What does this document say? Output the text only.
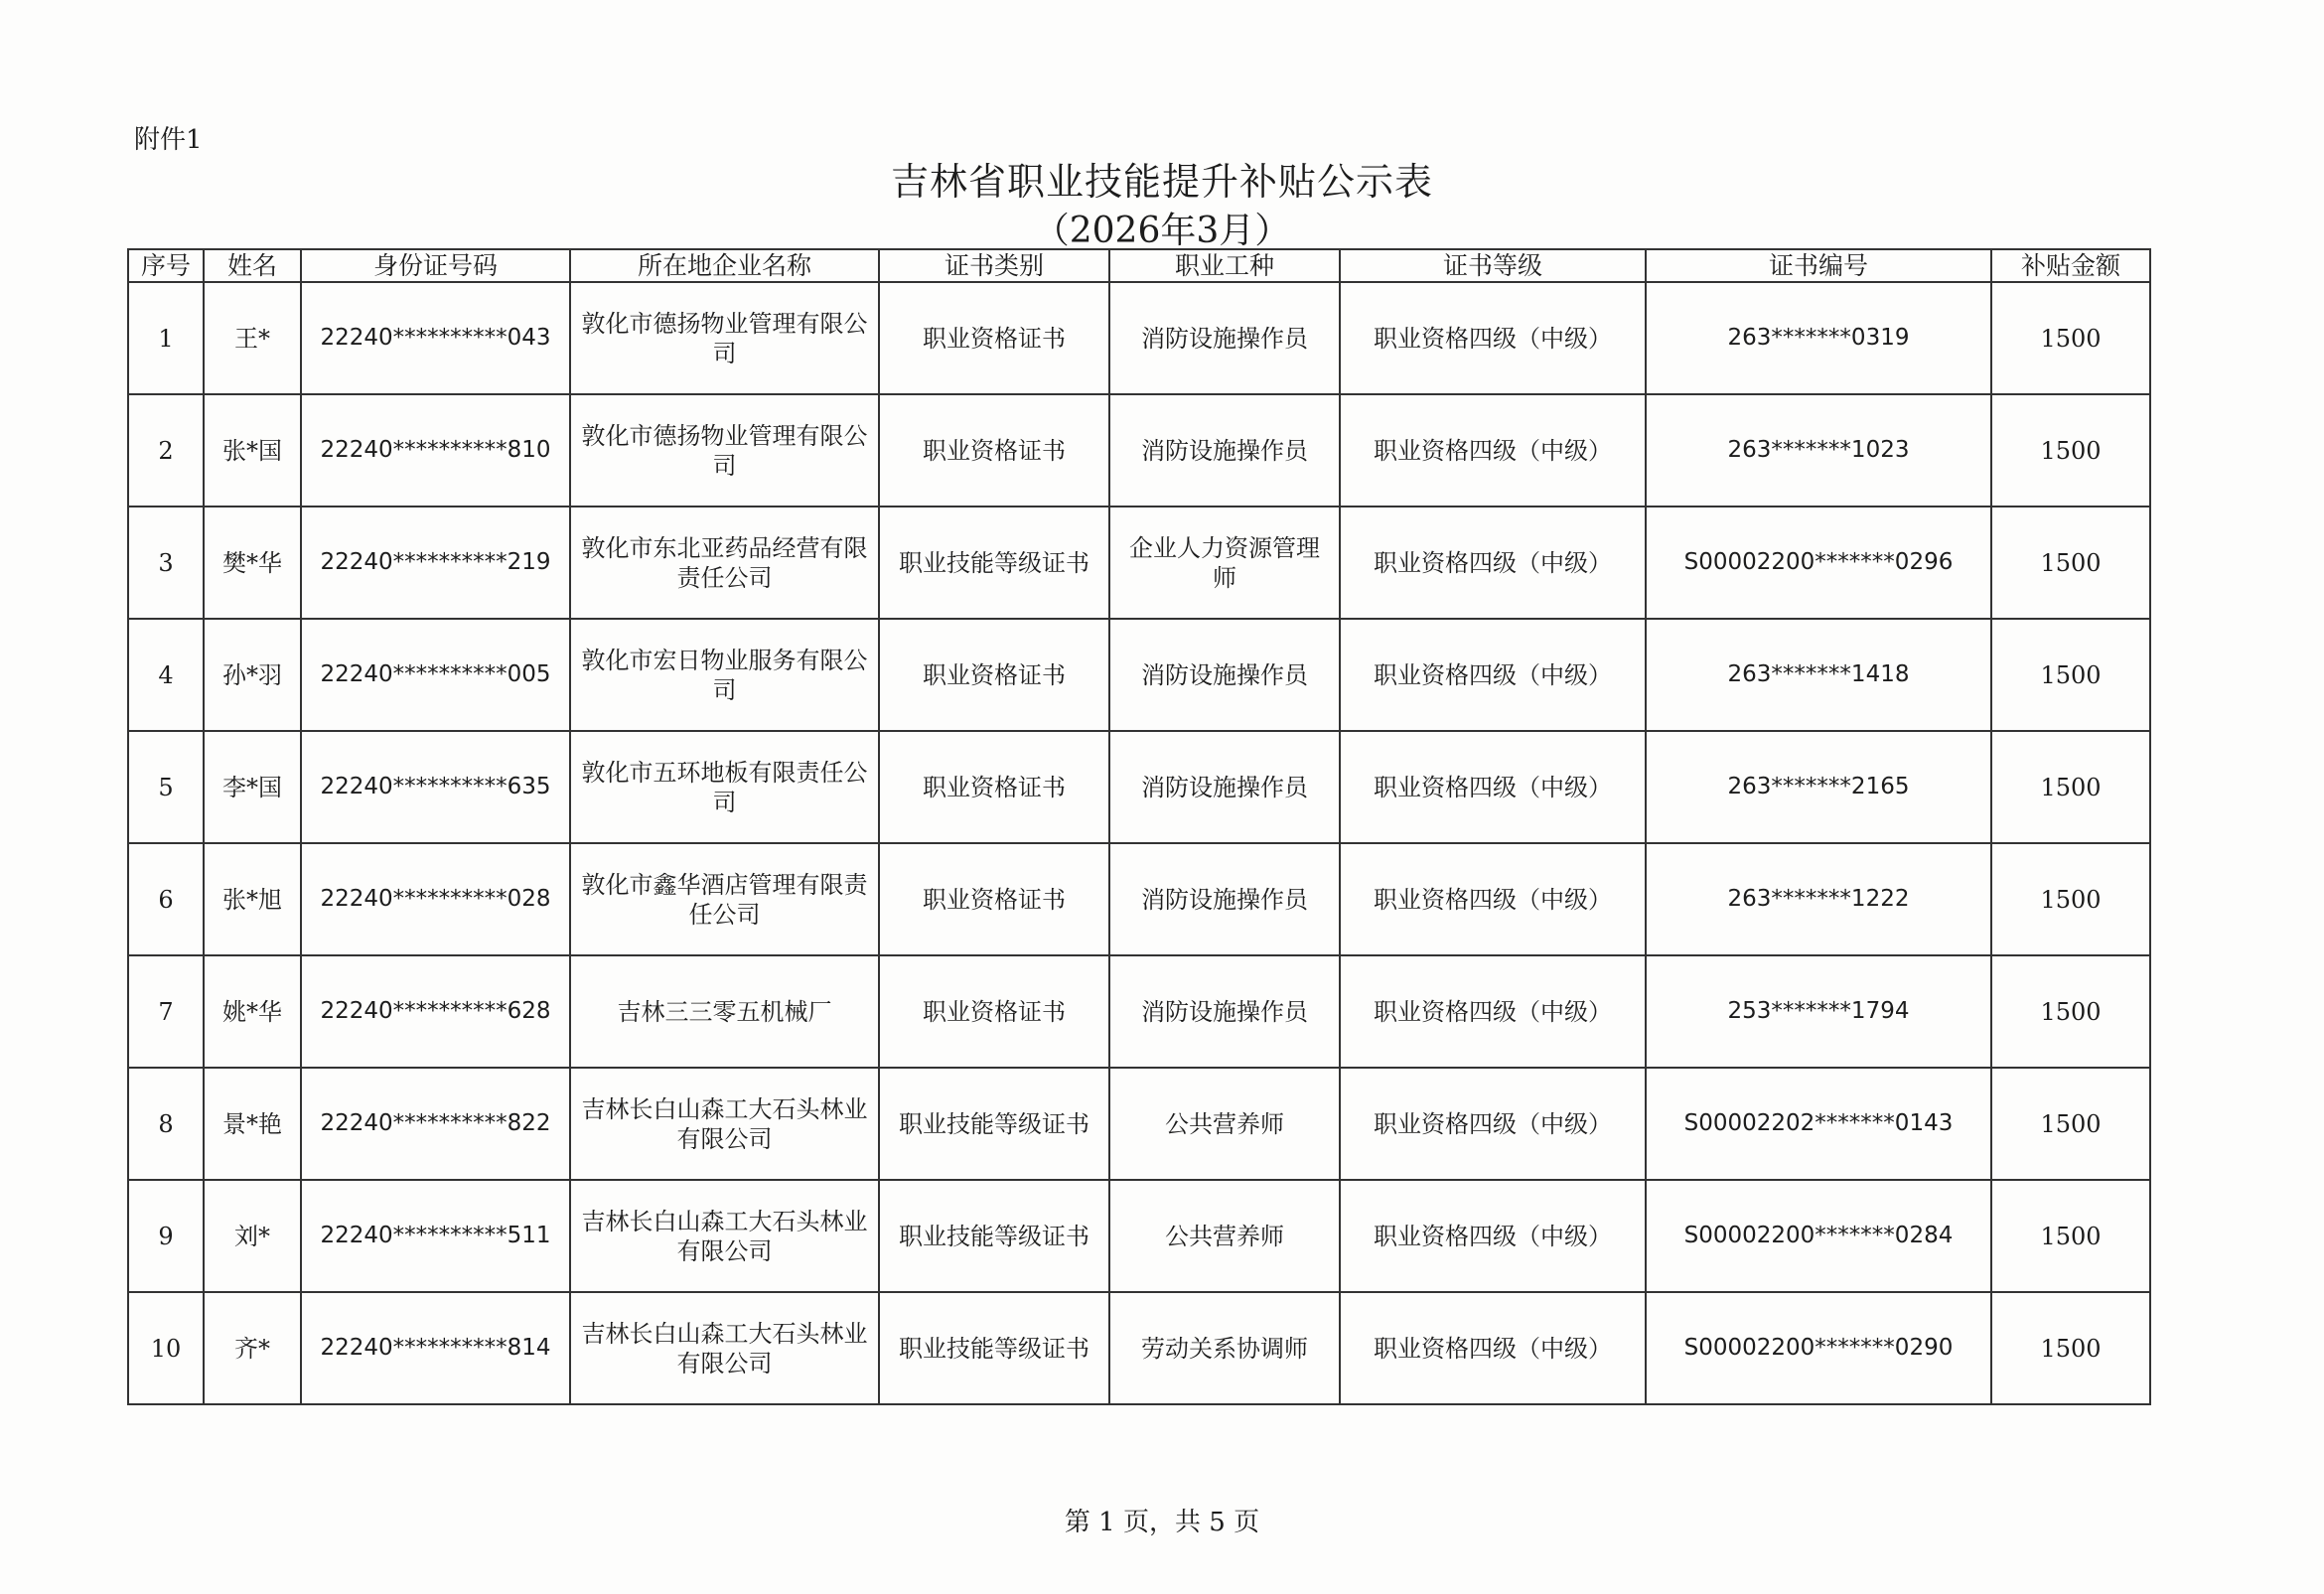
附件1
吉林省职业技能提升补贴公示表
（2026年3月）
序号	姓名	身份证号码	所在地企业名称	证书类别	职业工种	证书等级	证书编号	补贴金额
1	王*	22240**********043	敦化市德扬物业管理有限公司	职业资格证书	消防设施操作员	职业资格四级（中级）	263*******0319	1500
2	张*国	22240**********810	敦化市德扬物业管理有限公司	职业资格证书	消防设施操作员	职业资格四级（中级）	263*******1023	1500
3	樊*华	22240**********219	敦化市东北亚药品经营有限责任公司	职业技能等级证书	企业人力资源管理师	职业资格四级（中级）	S00002200*******0296	1500
4	孙*羽	22240**********005	敦化市宏日物业服务有限公司	职业资格证书	消防设施操作员	职业资格四级（中级）	263*******1418	1500
5	李*国	22240**********635	敦化市五环地板有限责任公司	职业资格证书	消防设施操作员	职业资格四级（中级）	263*******2165	1500
6	张*旭	22240**********028	敦化市鑫华酒店管理有限责任公司	职业资格证书	消防设施操作员	职业资格四级（中级）	263*******1222	1500
7	姚*华	22240**********628	吉林三三零五机械厂	职业资格证书	消防设施操作员	职业资格四级（中级）	253*******1794	1500
8	景*艳	22240**********822	吉林长白山森工大石头林业有限公司	职业技能等级证书	公共营养师	职业资格四级（中级）	S00002202*******0143	1500
9	刘*	22240**********511	吉林长白山森工大石头林业有限公司	职业技能等级证书	公共营养师	职业资格四级（中级）	S00002200*******0284	1500
10	齐*	22240**********814	吉林长白山森工大石头林业有限公司	职业技能等级证书	劳动关系协调师	职业资格四级（中级）	S00002200*******0290	1500
第 1 页，共 5 页
